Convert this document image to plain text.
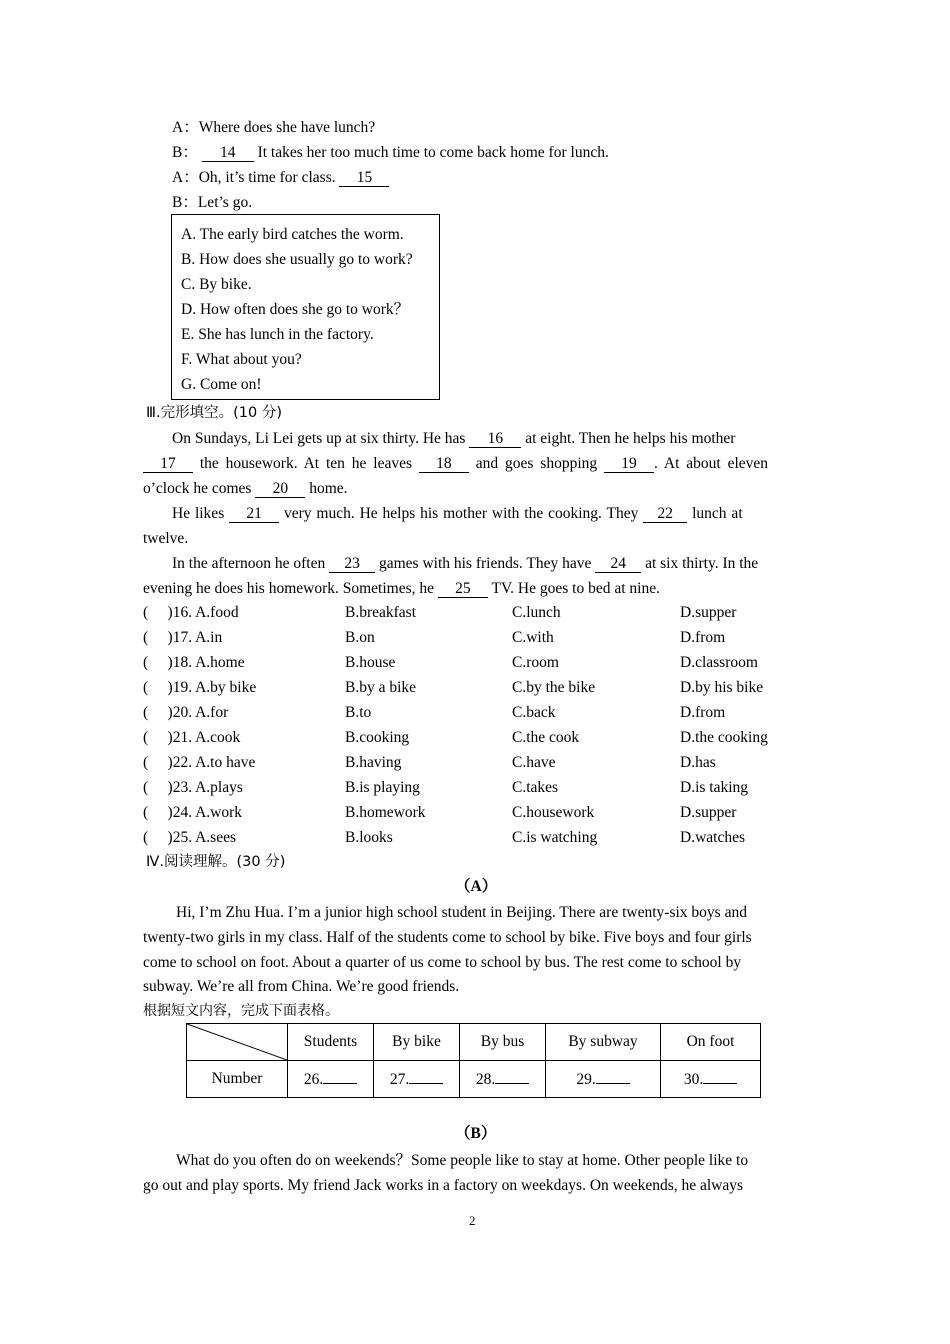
A：Where does she have lunch?
B： 14 It takes her too much time to come back home for lunch.
A：Oh, it’s time for class. 15
B：Let’s go.
A. The early bird catches the worm.
B. How does she usually go to work?
C. By bike.
D. How often does she go to work？
E. She has lunch in the factory.
F. What about you?
G. Come on!
Ⅲ.完形填空。(10 分)
On Sundays, Li Lei gets up at six thirty. He has 16 at eight. Then he helps his mother
17 the housework. At ten he leaves 18 and goes shopping 19 . At about eleven
o’clock he comes 20 home.
He likes 21 very much. He helps his mother with the cooking. They 22 lunch at
twelve.
In the afternoon he often 23 games with his friends. They have 24 at six thirty. In the
evening he does his homework. Sometimes, he 25 TV. He goes to bed at nine.
(　 )16. A.food	B.breakfast	C.lunch	D.supper
(　 )17. A.in	B.on	C.with	D.from
(　 )18. A.home	B.house	C.room	D.classroom
(　 )19. A.by bike	B.by a bike	C.by the bike	D.by his bike
(　 )20. A.for	B.to	C.back	D.from
(　 )21. A.cook	B.cooking	C.the cook	D.the cooking
(　 )22. A.to have	B.having	C.have	D.has
(　 )23. A.plays	B.is playing	C.takes	D.is taking
(　 )24. A.work	B.homework	C.housework	D.supper
(　 )25. A.sees	B.looks	C.is watching	D.watches
Ⅳ.阅读理解。(30 分)
（A）
Hi, I’m Zhu Hua. I’m a junior high school student in Beijing. There are twenty-six boys and
twenty-two girls in my class. Half of the students come to school by bike. Five boys and four girls
come to school on foot. About a quarter of us come to school by bus. The rest come to school by
subway. We’re all from China. We’re good friends.
根据短文内容，完成下面表格。
	Students	By bike	By bus	By subway	On foot
Number	26.	27.	28.	29.	30.
（B）
What do you often do on weekends？Some people like to stay at home. Other people like to
go out and play sports. My friend Jack works in a factory on weekdays. On weekends, he always
2
